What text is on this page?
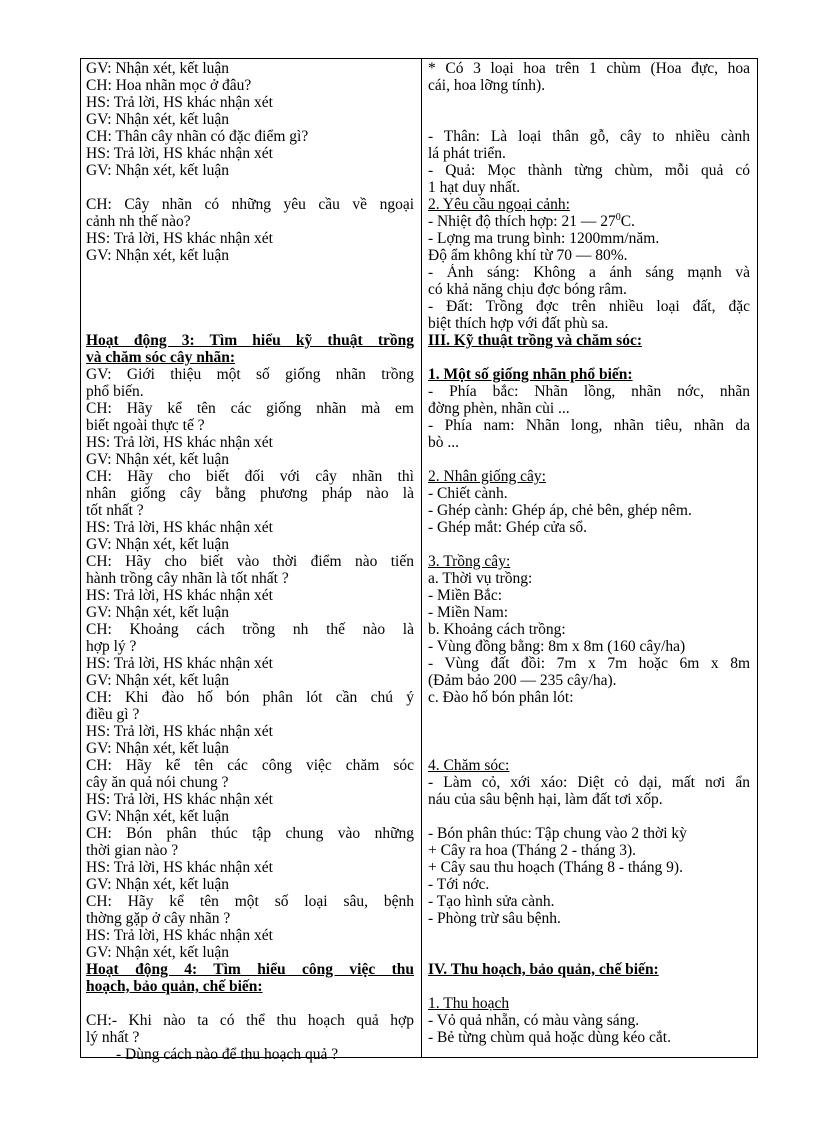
GV: Nhận xét, kết luận
CH: Hoa nhãn mọc ở đâu?
HS: Trả lời, HS khác nhận xét
GV: Nhận xét, kết luận
CH: Thân cây nhãn có đặc điểm gì?
HS: Trả lời, HS khác nhận xét
GV: Nhận xét, kết luận
CH: Cây nhãn có những yêu cầu về ngoại
cảnh nh thế nào?
HS: Trả lời, HS khác nhận xét
GV: Nhận xét, kết luận
Hoạt động 3: Tìm hiểu kỹ thuật trồng
và chăm sóc cây nhãn:
GV: Giới thiệu một số giống nhãn trồng
phổ biến.
CH: Hãy kể tên các giống nhãn mà em
biết ngoài thực tế ?
HS: Trả lời, HS khác nhận xét
GV: Nhận xét, kết luận
CH: Hãy cho biết đối với cây nhãn thì
nhân giống cây bằng phương pháp nào là
tốt nhất ?
HS: Trả lời, HS khác nhận xét
GV: Nhận xét, kết luận
CH: Hãy cho biết vào thời điểm nào tiến
hành trồng cây nhãn là tốt nhất ?
HS: Trả lời, HS khác nhận xét
GV: Nhận xét, kết luận
CH: Khoảng cách trồng nh thế nào là
hợp lý ?
HS: Trả lời, HS khác nhận xét
GV: Nhận xét, kết luận
CH: Khi đào hố bón phân lót cần chú ý
điều gì ?
HS: Trả lời, HS khác nhận xét
GV: Nhận xét, kết luận
CH: Hãy kể tên các công việc chăm sóc
cây ăn quả nói chung ?
HS: Trả lời, HS khác nhận xét
GV: Nhận xét, kết luận
CH: Bón phân thúc tập chung vào những
thời gian nào ?
HS: Trả lời, HS khác nhận xét
GV: Nhận xét, kết luận
CH: Hãy kể tên một số loại sâu, bệnh
thờng gặp ở cây nhãn ?
HS: Trả lời, HS khác nhận xét
GV: Nhận xét, kết luận
Hoạt động 4: Tìm hiểu công việc thu
hoạch, bảo quản, chế biến:
CH:- Khi nào ta có thể thu hoạch quả hợp
lý nhất ?
- Dùng cách nào để thu hoạch quả ?
* Có 3 loại hoa trên 1 chùm (Hoa đực, hoa
cái, hoa lỡng tính).
- Thân: Là loại thân gỗ, cây to nhiều cành
lá phát triển.
- Quả: Mọc thành từng chùm, mỗi quả có
1 hạt duy nhất.
2. Yêu cầu ngoại cảnh:
- Nhiệt độ thích hợp: 21 — $27^0C$.
- Lợng ma trung bình: 1200mm/năm.
Độ ẩm không khí từ 70 — 80%.
- Ánh sáng: Không a ánh sáng mạnh và
có khả năng chịu đợc bóng râm.
- Đất: Trồng đợc trên nhiều loại đất, đặc
biệt thích hợp với đất phù sa.
III. Kỹ thuật trồng và chăm sóc:
1. Một số giống nhãn phổ biến:
- Phía bắc: Nhãn lồng, nhãn nớc, nhãn
đờng phèn, nhãn cùi ...
- Phía nam: Nhãn long, nhãn tiêu, nhãn da
bò ...
2. Nhân giống cây:
- Chiết cành.
- Ghép cành: Ghép áp, chẻ bên, ghép nêm.
- Ghép mắt: Ghép cửa sổ.
3. Trồng cây:
a. Thời vụ trồng:
- Miền Bắc:
- Miền Nam:
b. Khoảng cách trồng:
- Vùng đồng bằng: 8m x 8m (160 cây/ha)
- Vùng đất đồi: 7m x 7m hoặc 6m x 8m
(Đảm bảo 200 — 235 cây/ha).
c. Đào hố bón phân lót:
4. Chăm sóc:
- Làm cỏ, xới xáo: Diệt cỏ dại, mất nơi ẩn
náu của sâu bệnh hại, làm đất tơi xốp.
- Bón phân thúc: Tập chung vào 2 thời kỳ
+ Cây ra hoa (Tháng 2 - tháng 3).
+ Cây sau thu hoạch (Tháng 8 - tháng 9).
- Tới nớc.
- Tạo hình sửa cành.
- Phòng trừ sâu bệnh.
IV. Thu hoạch, bảo quản, chế biến:
1. Thu hoạch
- Vỏ quả nhẵn, có màu vàng sáng.
- Bẻ từng chùm quả hoặc dùng kéo cắt.
